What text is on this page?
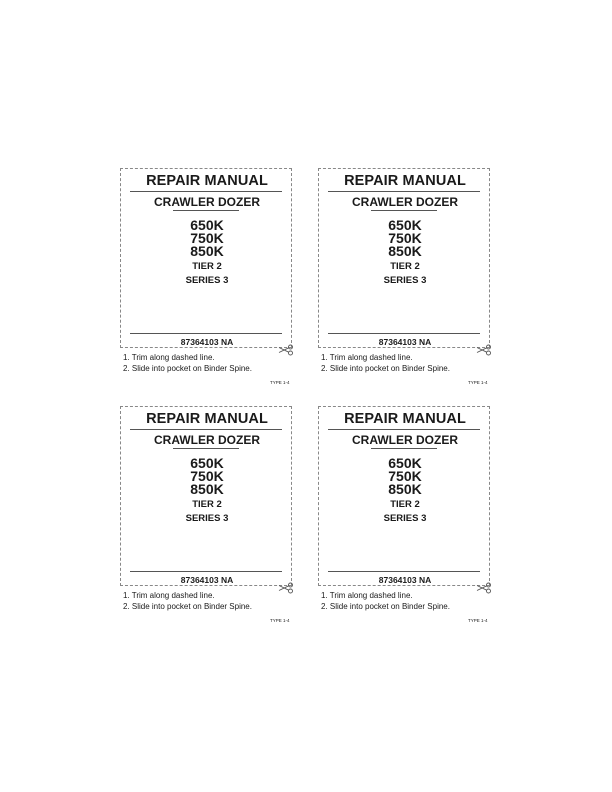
REPAIR MANUAL
CRAWLER DOZER
650K
750K
850K
TIER 2
SERIES 3
87364103 NA
1. Trim along dashed line.
2. Slide into pocket on Binder Spine.
TYPE 1-4
REPAIR MANUAL
CRAWLER DOZER
650K
750K
850K
TIER 2
SERIES 3
87364103 NA
1. Trim along dashed line.
2. Slide into pocket on Binder Spine.
TYPE 1-4
REPAIR MANUAL
CRAWLER DOZER
650K
750K
850K
TIER 2
SERIES 3
87364103 NA
1. Trim along dashed line.
2. Slide into pocket on Binder Spine.
TYPE 1-4
REPAIR MANUAL
CRAWLER DOZER
650K
750K
850K
TIER 2
SERIES 3
87364103 NA
1. Trim along dashed line.
2. Slide into pocket on Binder Spine.
TYPE 1-4
